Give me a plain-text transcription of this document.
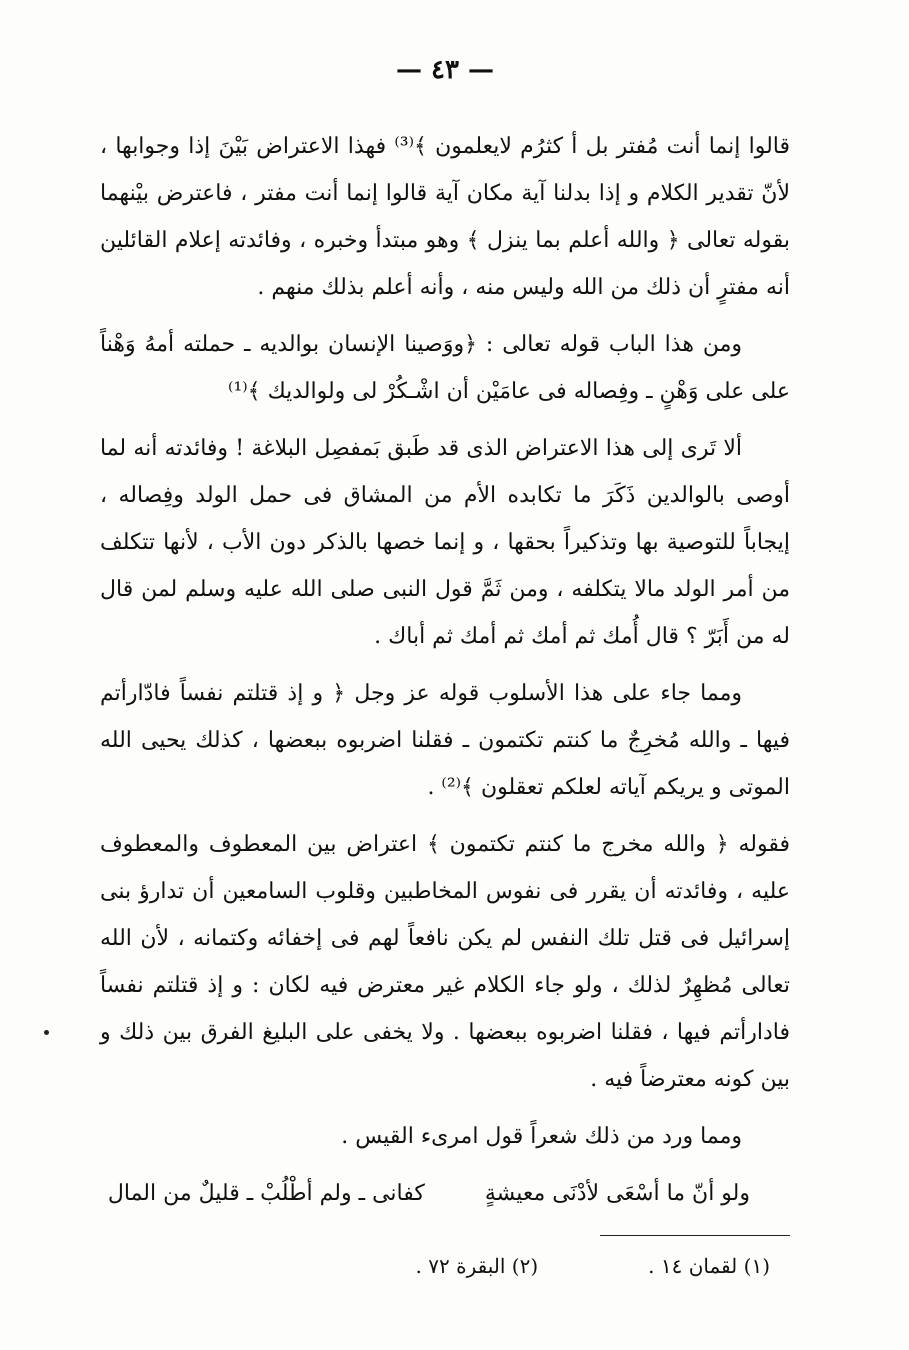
— ٤٣ —

قالوا إنما أنت مُفتر بل أ كثرُم لايعلمون ﴾⁽³⁾ فهذا الاعتراض بَيْنَ إذا وجوابها ، لأنّ تقدير الكلام و إذا بدلنا آية مكان آية قالوا إنما أنت مفتر ، فاعترض بيْنهما بقوله تعالى ﴿ والله أعلم بما ينزل ﴾ وهو مبتدأ وخبره ، وفائدته إعلام القائلين أنه مفترٍ أن ذلك من الله وليس منه ، وأنه أعلم بذلك منهم .

ومن هذا الباب قوله تعالى : ﴿ووَصينا الإنسان بوالديه ـ حملته أمهُ وَهْناً على على وَهْنٍ ـ وفِصاله فى عامَيْن أن اشْـكُرْ لى ولوالديك ﴾⁽¹⁾

ألا تَرى إلى هذا الاعتراض الذى قد طَبق بَمفصِل البلاغة ! وفائدته أنه لما أوصى بالوالدين ذَكَرَ ما تكابده الأم من المشاق فى حمل الولد وفِصاله ، إيجاباً للتوصية بها وتذكيراً بحقها ، و إنما خصها بالذكر دون الأب ، لأنها تتكلف من أمر الولد مالا يتكلفه ، ومن ثَمَّ قول النبى صلى الله عليه وسلم لمن قال له من أَبَرّ ؟ قال أُمك ثم أمك ثم أمك ثم أباك .

ومما جاء على هذا الأسلوب قوله عز وجل ﴿ و إذ قتلتم نفساً فادّارأتم فيها ـ والله مُخرِجٌ ما كنتم تكتمون ـ فقلنا اضربوه ببعضها ، كذلك يحيى الله الموتى و يريكم آياته لعلكم تعقلون ﴾⁽²⁾ .

فقوله ﴿ والله مخرج ما كنتم تكتمون ﴾ اعتراض بين المعطوف والمعطوف عليه ، وفائدته أن يقرر فى نفوس المخاطبين وقلوب السامعين أن تدارؤ بنى إسرائيل فى قتل تلك النفس لم يكن نافعاً لهم فى إخفائه وكتمانه ، لأن الله تعالى مُظهِرٌ لذلك ، ولو جاء الكلام غير معترض فيه لكان : و إذ قتلتم نفساً فادارأتم فيها ، فقلنا اضربوه ببعضها . ولا يخفى على البليغ الفرق بين ذلك و بين كونه معترضاً فيه .

ومما ورد من ذلك شعراً قول امرىء القيس .

ولو أنّ ما أسْعَى لأدْنَى معيشةٍ
كفانى ـ ولم أطْلُبْ ـ قليلٌ من المال
(١) لقمان ١٤ .
(٢) البقرة ٧٢ .
